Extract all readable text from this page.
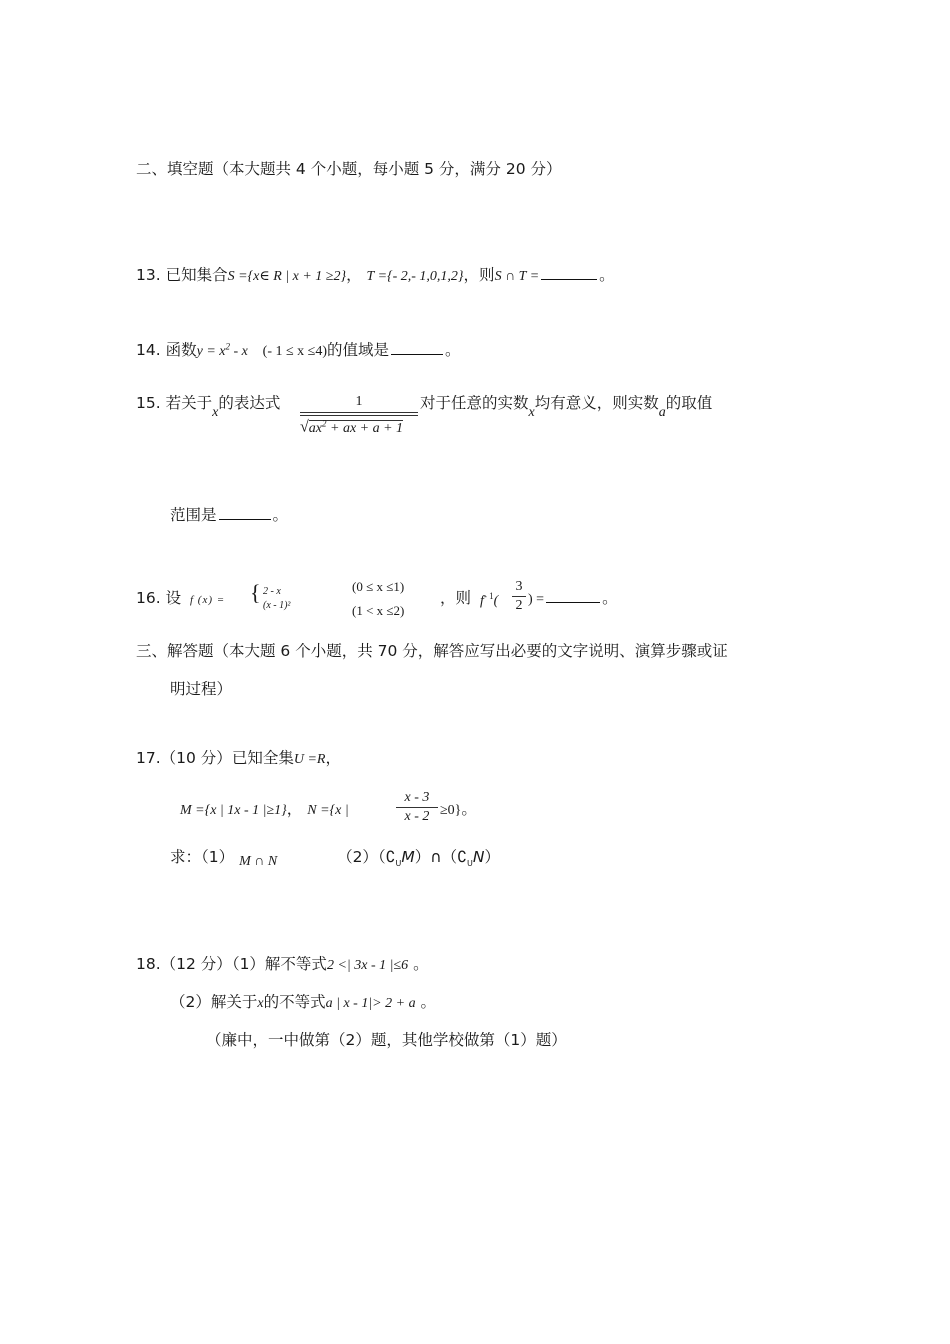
二、填空题（本大题共 4 个小题，每小题 5 分，满分 20 分）
13. 已知集合S ={x∈ R | x + 1 ≥2}， T ={- 2,- 1,0,1,2}，则S ∩ T =	。
14. 函数$y = x^2 - x$ (- 1 ≤ x ≤4)的值域是	。
15. 若关于x的表达式	1
$√ax^2$ + ax + a + 1
对于任意的实数x均有意义，则实数a的取值
范围是	。
16. 设 f (x) = { 2 - x
(x - 1)²
(0 ≤ x ≤1)
(1 < x ≤2)
，则 $f^{- 1}$(
3
2 ) =	。
三、解答题（本大题 6 个小题，共 70 分，解答应写出必要的文字说明、演算步骤或证
明过程）
17.（10 分）已知全集U =R，
M ={x | 1x - 1 |≥1}， N ={x |
x - 3
x - 2 ≥0}。
求：（1） M ∩ N	$(2)(∁_UM)\cap(∁_UN)$
18.（12 分）（1）解不等式2 <| 3x - 1 |≤6 。
（2）解关于x的不等式a | x - 1|> 2 + a 。
（廉中，一中做第（2）题，其他学校做第（1）题）
